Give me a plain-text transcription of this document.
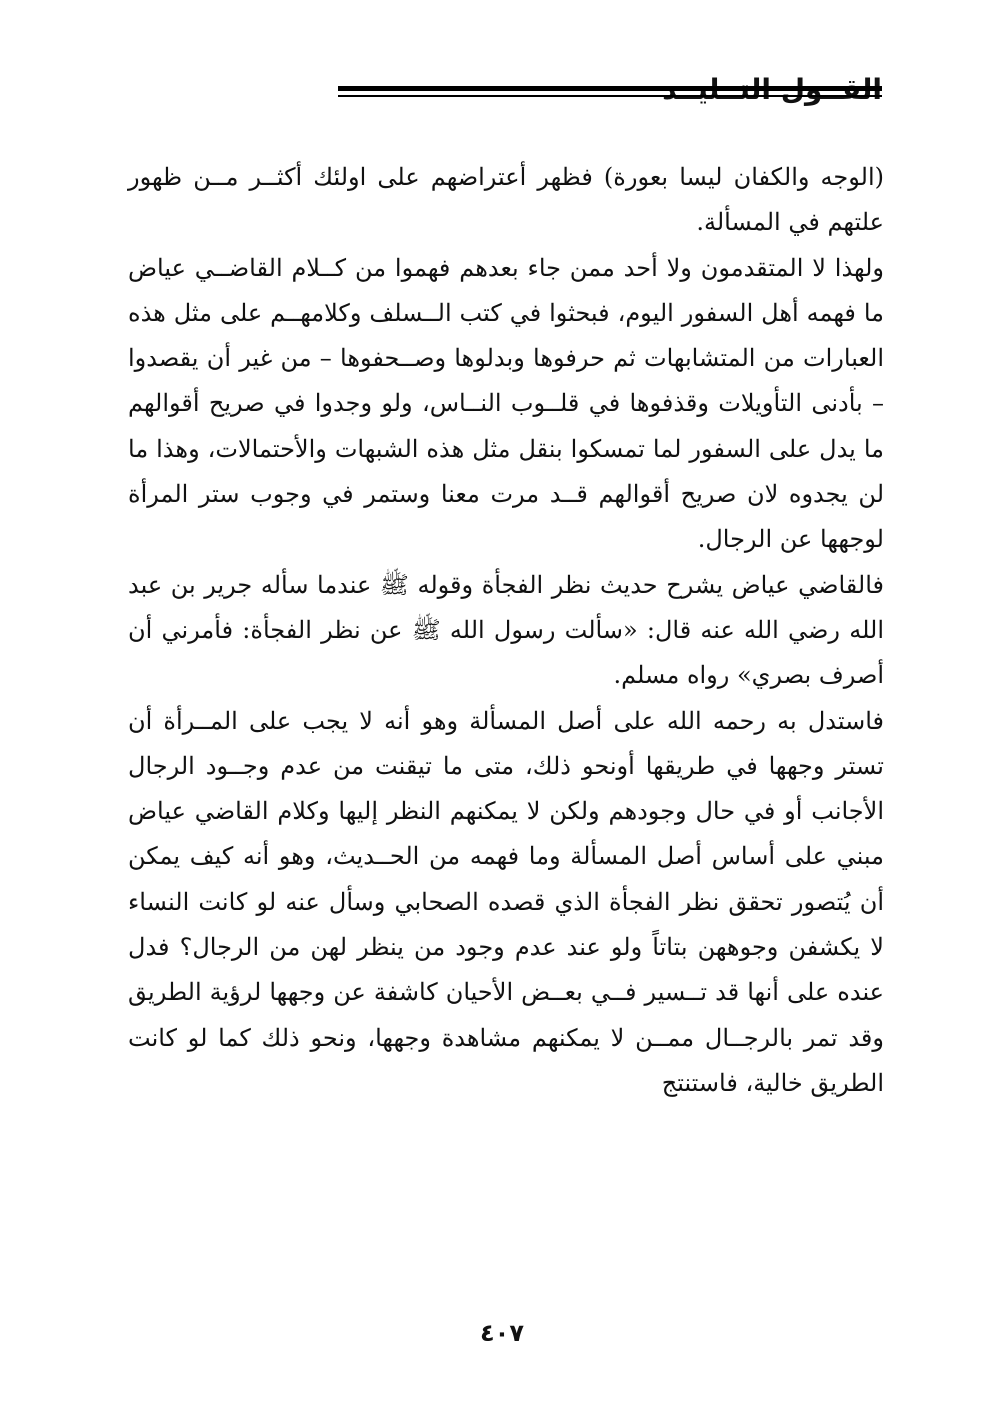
(الوجه والكفان ليسا بعورة) فظهر أعتراضهم على اولئك أكثــر مــن ظهور علتهم في المسألة.

ولهذا لا المتقدمون ولا أحد ممن جاء بعدهم فهموا من كــلام القاضــي عياض ما فهمه أهل السفور اليوم، فبحثوا في كتب الــسلف وكلامهــم على مثل هذه العبارات من المتشابهات ثم حرفوها وبدلوها وصــحفوها – من غير أن يقصدوا – بأدنى التأويلات وقذفوها في قلــوب النــاس، ولو وجدوا في صريح أقوالهم ما يدل على السفور لما تمسكوا بنقل مثل هذه الشبهات والأحتمالات، وهذا ما لن يجدوه لان صريح أقوالهم قــد مرت معنا وستمر في وجوب ستر المرأة لوجهها عن الرجال.

فالقاضي عياض يشرح حديث نظر الفجأة وقوله ﷺ عندما سأله جرير بن عبد الله رضي الله عنه قال: «سألت رسول الله ﷺ عن نظر الفجأة: فأمرني أن أصرف بصري» رواه مسلم.

فاستدل به رحمه الله على أصل المسألة وهو أنه لا يجب على المــرأة أن تستر وجهها في طريقها أونحو ذلك، متى ما تيقنت من عدم وجــود الرجال الأجانب أو في حال وجودهم ولكن لا يمكنهم النظر إليها وكلام القاضي عياض مبني على أساس أصل المسألة وما فهمه من الحــديث، وهو أنه كيف يمكن أن يُتصور تحقق نظر الفجأة الذي قصده الصحابي وسأل عنه لو كانت النساء لا يكشفن وجوههن بتاتاً ولو عند عدم وجود من ينظر لهن من الرجال؟ فدل عنده على أنها قد تــسير فــي بعــض الأحيان كاشفة عن وجهها لرؤية الطريق وقد تمر بالرجــال ممــن لا يمكنهم مشاهدة وجهها، ونحو ذلك كما لو كانت الطريق خالية، فاستنتج

٤٠٧
